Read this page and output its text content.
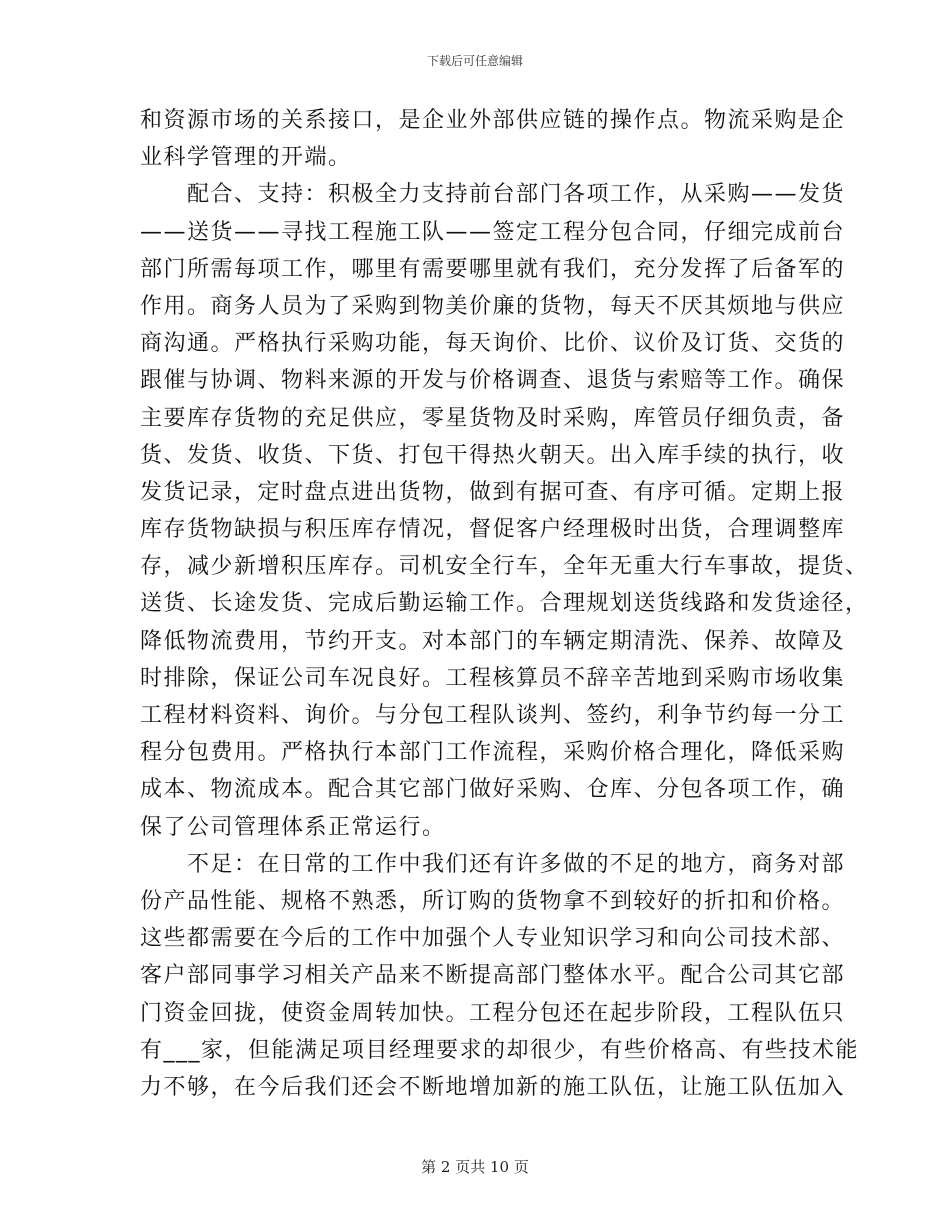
下载后可任意编辑
和资源市场的关系接口，是企业外部供应链的操作点。物流采购是企
业科学管理的开端。
　　配合、支持：积极全力支持前台部门各项工作，从采购——发货
——送货——寻找工程施工队——签定工程分包合同，仔细完成前台
部门所需每项工作，哪里有需要哪里就有我们，充分发挥了后备军的
作用。商务人员为了采购到物美价廉的货物，每天不厌其烦地与供应
商沟通。严格执行采购功能，每天询价、比价、议价及订货、交货的
跟催与协调、物料来源的开发与价格调查、退货与索赔等工作。确保
主要库存货物的充足供应，零星货物及时采购，库管员仔细负责，备
货、发货、收货、下货、打包干得热火朝天。出入库手续的执行，收
发货记录，定时盘点进出货物，做到有据可查、有序可循。定期上报
库存货物缺损与积压库存情况，督促客户经理极时出货，合理调整库
存，减少新增积压库存。司机安全行车，全年无重大行车事故，提货、
送货、长途发货、完成后勤运输工作。合理规划送货线路和发货途径，
降低物流费用，节约开支。对本部门的车辆定期清洗、保养、故障及
时排除，保证公司车况良好。工程核算员不辞辛苦地到采购市场收集
工程材料资料、询价。与分包工程队谈判、签约，利争节约每一分工
程分包费用。严格执行本部门工作流程，采购价格合理化，降低采购
成本、物流成本。配合其它部门做好采购、仓库、分包各项工作，确
保了公司管理体系正常运行。
　　不足：在日常的工作中我们还有许多做的不足的地方，商务对部
份产品性能、规格不熟悉，所订购的货物拿不到较好的折扣和价格。
这些都需要在今后的工作中加强个人专业知识学习和向公司技术部、
客户部同事学习相关产品来不断提高部门整体水平。配合公司其它部
门资金回拢，使资金周转加快。工程分包还在起步阶段，工程队伍只
有___家，但能满足项目经理要求的却很少，有些价格高、有些技术能
力不够，在今后我们还会不断地增加新的施工队伍，让施工队伍加入
第 2 页共 10 页
